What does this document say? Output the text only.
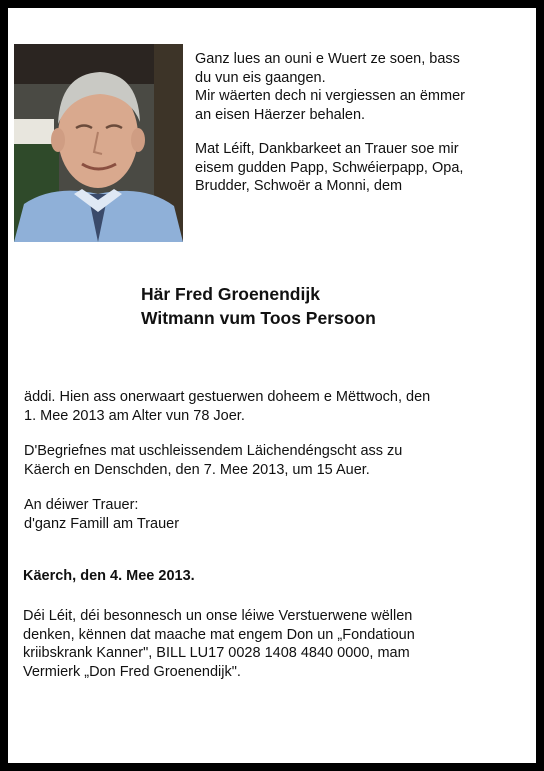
Ganz lues an ouni e Wuert ze soen, bass
du vun eis gaangen.
Mir wäerten dech ni vergiessen an ëmmer
an eisen Häerzer behalen.

Mat Léift, Dankbarkeet an Trauer soe mir
eisem gudden Papp, Schwéierpapp, Opa,
Brudder, Schwoër a Monni, dem

Här Fred Groenendijk
Witmann vum Toos Persoon

äddi. Hien ass onerwaart gestuerwen doheem e Mëttwoch, den
1. Mee 2013 am Alter vun 78 Joer.

D'Begriefnes mat uschleissendem Läichendéngscht ass zu
Käerch en Denschden, den 7. Mee 2013, um 15 Auer.

An déiwer Trauer:
d'ganz Famill am Trauer

Käerch, den 4. Mee 2013.
Déi Léit, déi besonnesch un onse léiwe Verstuerwene wëllen
denken, kënnen dat maache mat engem Don un „Fondatioun
kriibskrank Kanner", BILL LU17 0028 1408 4840 0000, mam
Vermierk „Don Fred Groenendijk".
